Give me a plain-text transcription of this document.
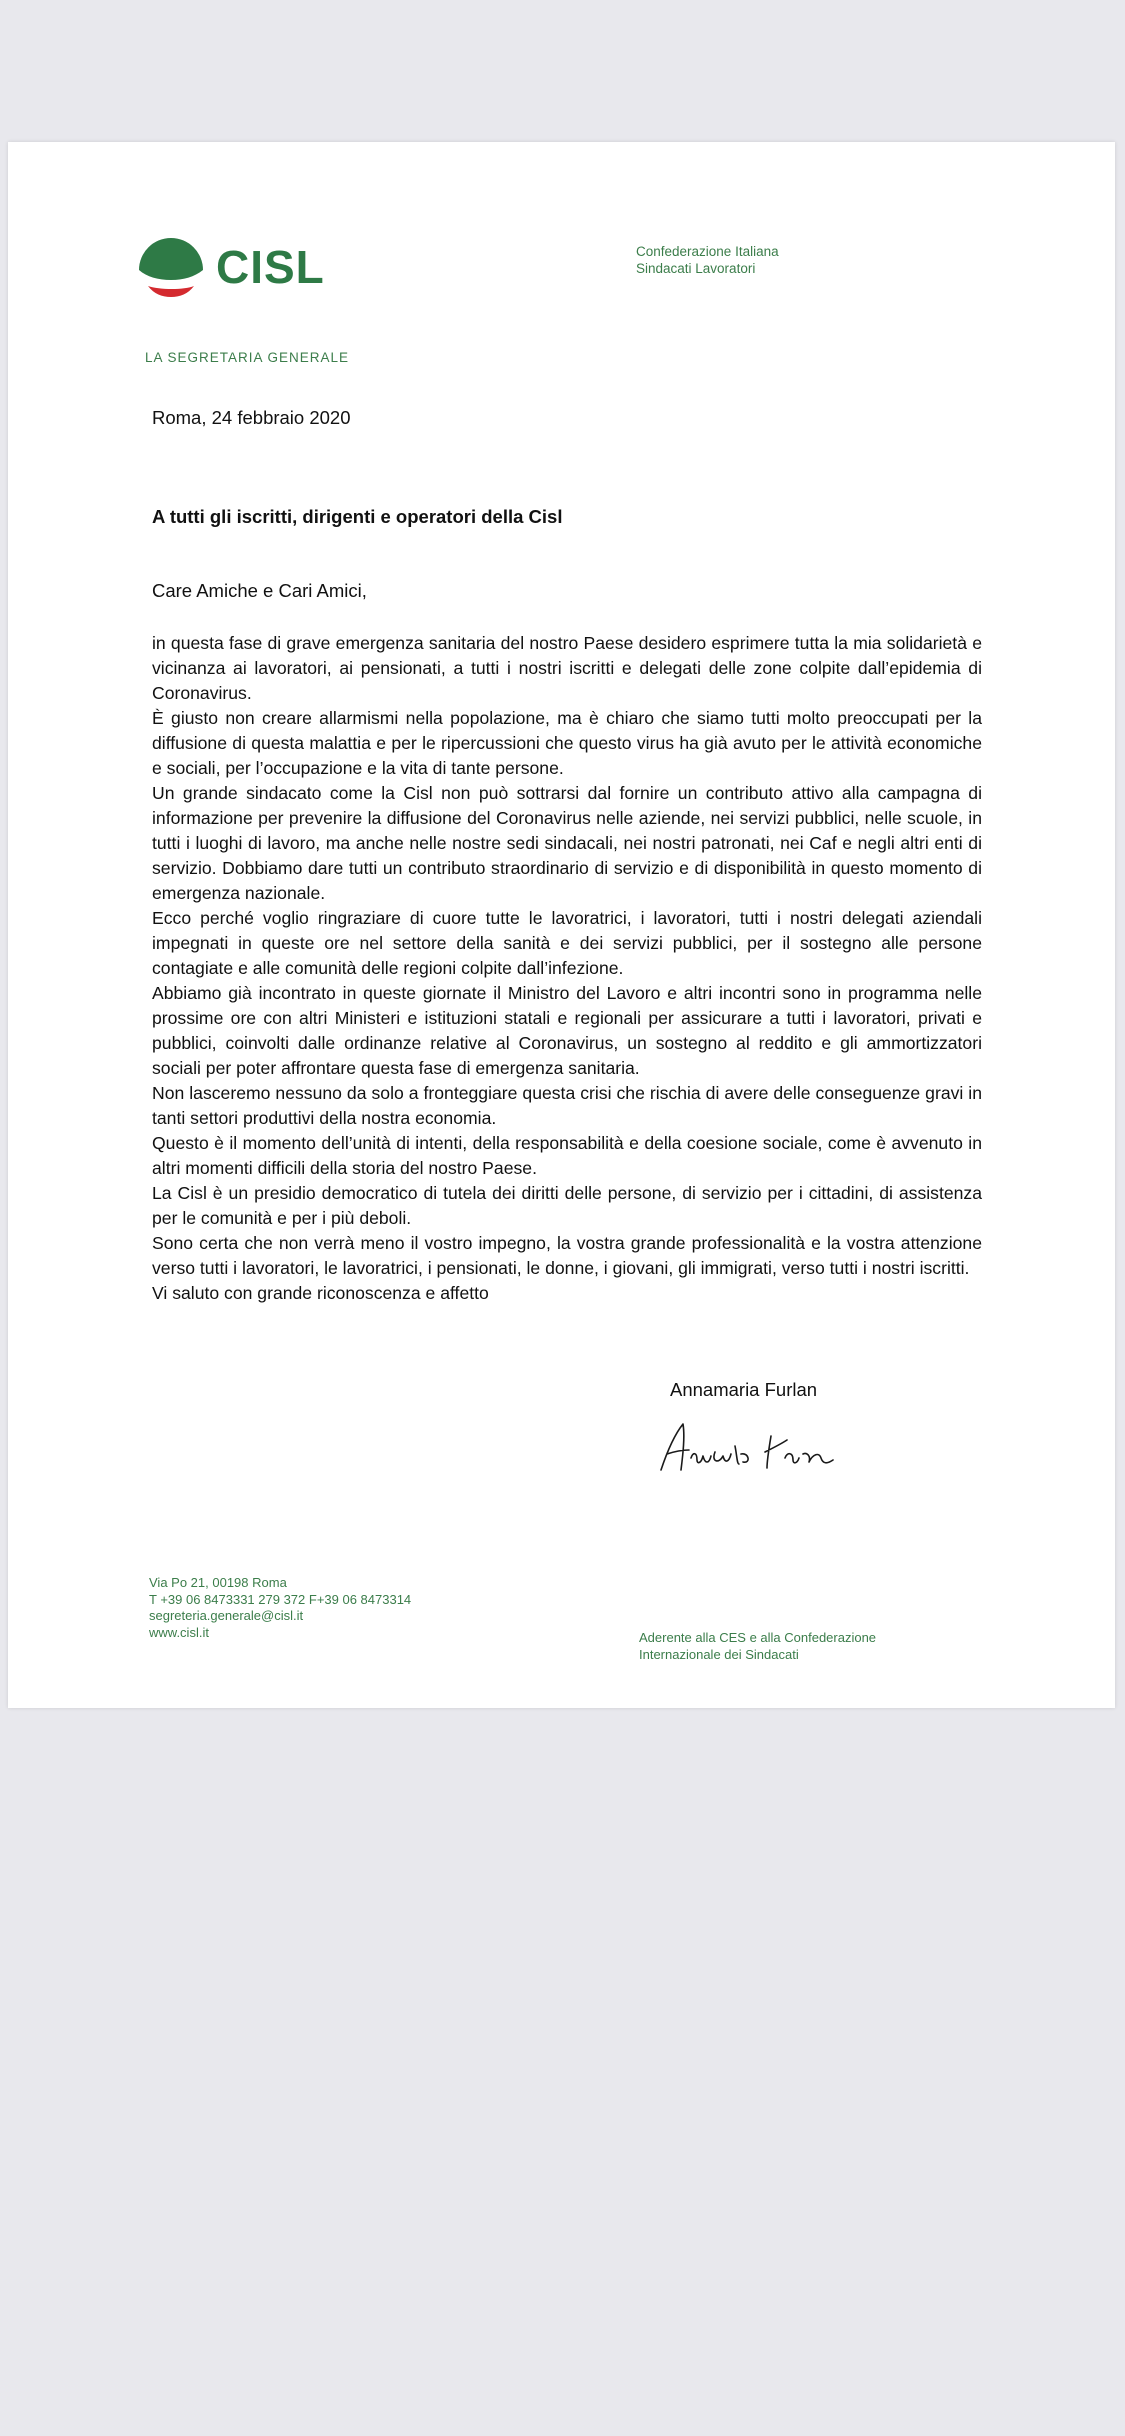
CISL	Confederazione Italiana
Sindacati Lavoratori
LA SEGRETARIA GENERALE
Roma, 24 febbraio 2020
A tutti gli iscritti, dirigenti e operatori della Cisl
Care Amiche e Cari Amici,

in questa fase di grave emergenza sanitaria del nostro Paese desidero esprimere tutta la mia solidarietà e vicinanza ai lavoratori, ai pensionati, a tutti i nostri iscritti e delegati delle zone colpite dall’epidemia di Coronavirus.

È giusto non creare allarmismi nella popolazione, ma è chiaro che siamo tutti molto preoccupati per la diffusione di questa malattia e per le ripercussioni che questo virus ha già avuto per le attività economiche e sociali, per l’occupazione e la vita di tante persone.

Un grande sindacato come la Cisl non può sottrarsi dal fornire un contributo attivo alla campagna di informazione per prevenire la diffusione del Coronavirus nelle aziende, nei servizi pubblici, nelle scuole, in tutti i luoghi di lavoro, ma anche nelle nostre sedi sindacali, nei nostri patronati, nei Caf e negli altri enti di servizio. Dobbiamo dare tutti un contributo straordinario di servizio e di disponibilità in questo momento di emergenza nazionale.

Ecco perché voglio ringraziare di cuore tutte le lavoratrici, i lavoratori, tutti i nostri delegati aziendali impegnati in queste ore nel settore della sanità e dei servizi pubblici, per il sostegno alle persone contagiate e alle comunità delle regioni colpite dall’infezione.

Abbiamo già incontrato in queste giornate il Ministro del Lavoro e altri incontri sono in programma nelle prossime ore con altri Ministeri e istituzioni statali e regionali per assicurare a tutti i lavoratori, privati e pubblici, coinvolti dalle ordinanze relative al Coronavirus, un sostegno al reddito e gli ammortizzatori sociali per poter affrontare questa fase di emergenza sanitaria.

Non lasceremo nessuno da solo a fronteggiare questa crisi che rischia di avere delle conseguenze gravi in tanti settori produttivi della nostra economia.

Questo è il momento dell’unità di intenti, della responsabilità e della coesione sociale, come è avvenuto in altri momenti difficili della storia del nostro Paese.

La Cisl è un presidio democratico di tutela dei diritti delle persone, di servizio per i cittadini, di assistenza per le comunità e per i più deboli.

Sono certa che non verrà meno il vostro impegno, la vostra grande professionalità e la vostra attenzione verso tutti i lavoratori, le lavoratrici, i pensionati, le donne, i giovani, gli immigrati, verso tutti i nostri iscritti.

Vi saluto con grande riconoscenza e affetto

Annamaria Furlan
Via Po 21, 00198 Roma
T +39 06 8473331 279 372 F+39 06 8473314
segreteria.generale@cisl.it
www.cisl.it	Aderente alla CES e alla Confederazione
Internazionale dei Sindacati
